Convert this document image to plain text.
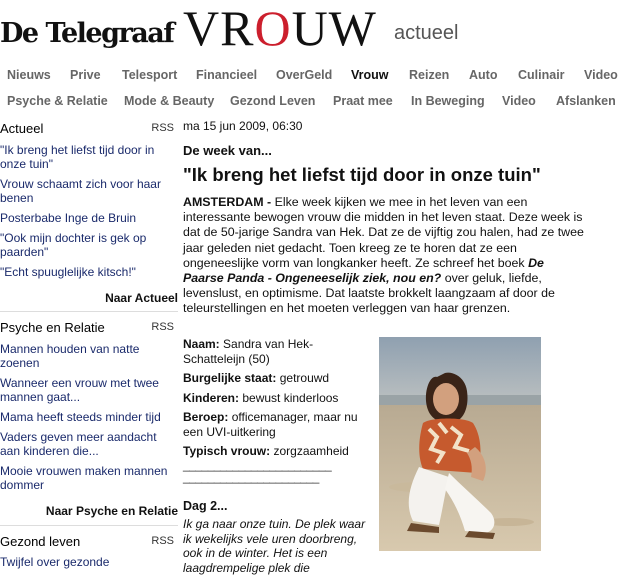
De Telegraaf VROUW actueel
Nieuws Prive Telesport Financieel OverGeld Vrouw Reizen Auto Culinair Video
Psyche & Relatie Mode & Beauty Gezond Leven Praat mee In Beweging Video Afslanken
Actueel	RSS
"Ik breng het liefst tijd door in onze tuin"
Vrouw schaamt zich voor haar benen
Posterbabe Inge de Bruin
"Ook mijn dochter is gek op paarden"
"Echt spuuglelijke kitsch!"
Naar Actueel
Psyche en Relatie	RSS
Mannen houden van natte zoenen
Wanneer een vrouw met twee mannen gaat...
Mama heeft steeds minder tijd
Vaders geven meer aandacht aan kinderen die...
Mooie vrouwen maken mannen dommer
Naar Psyche en Relatie
Gezond leven	RSS
Twijfel over gezonde
ma 15 jun 2009, 06:30
De week van...
"Ik breng het liefst tijd door in onze tuin"

AMSTERDAM - Elke week kijken we mee in het leven van een interessante bewogen vrouw die midden in het leven staat. Deze week is dat de 50-jarige Sandra van Hek. Dat ze de vijftig zou halen, had ze twee jaar geleden niet gedacht. Toen kreeg ze te horen dat ze een ongeneeslijke vorm van longkanker heeft. Ze schreef het boek De Paarse Panda - Ongeneeselijk ziek, nou en? over geluk, liefde, levenslust, en optimisme. Dat laatste brokkelt laangzaam af door de teleurstellingen en het moeten verleggen van haar grenzen.

Naam: Sandra van Hek-Schatteleijn (50)
Burgelijke staat: getrouwd
Kinderen: bewust kinderloos
Beroep: officemanager, maar nu een UVI-uitkering
Typisch vrouw: zorgzaamheid
________________________
______________________
Dag 2...
Ik ga naar onze tuin. De plek waar ik wekelijks vele uren doorbreng, ook in de winter. Het is een laagdrempelige plek die
